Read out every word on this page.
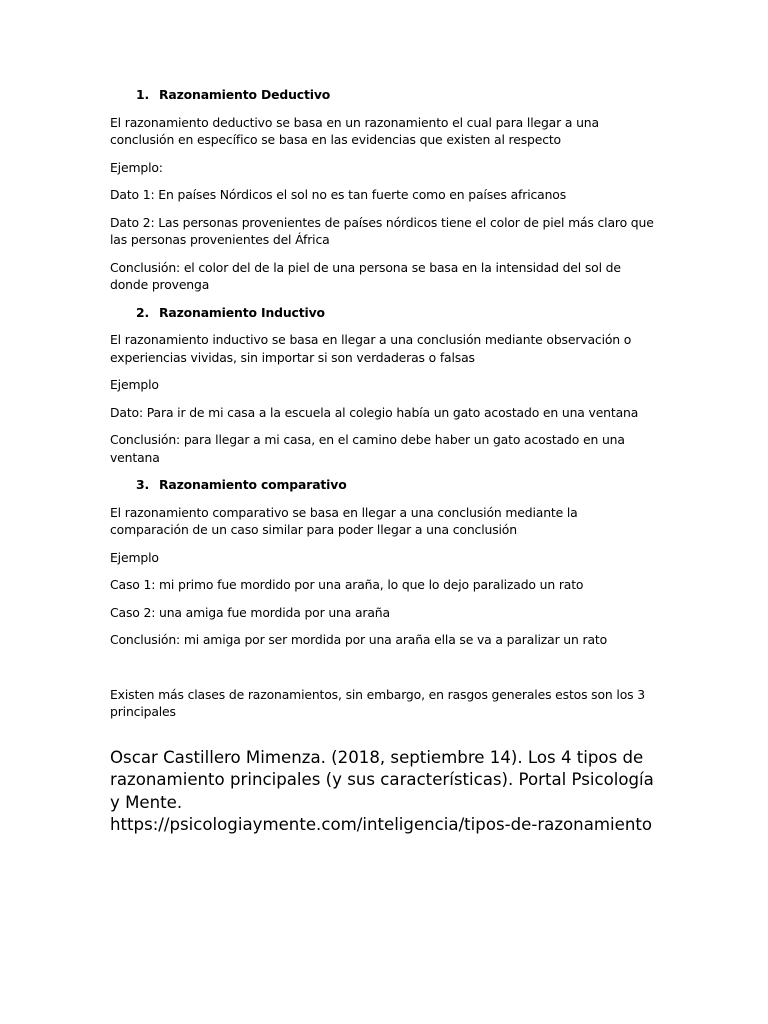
1. Razonamiento Deductivo

El razonamiento deductivo se basa en un razonamiento el cual para llegar a una conclusión en específico se basa en las evidencias que existen al respecto

Ejemplo:

Dato 1: En países Nórdicos el sol no es tan fuerte como en países africanos

Dato 2: Las personas provenientes de países nórdicos tiene el color de piel más claro que las personas provenientes del África

Conclusión: el color del de la piel de una persona se basa en la intensidad del sol de donde provenga

2. Razonamiento Inductivo

El razonamiento inductivo se basa en llegar a una conclusión mediante observación o experiencias vividas, sin importar si son verdaderas o falsas

Ejemplo

Dato: Para ir de mi casa a la escuela al colegio había un gato acostado en una ventana

Conclusión: para llegar a mi casa, en el camino debe haber un gato acostado en una ventana

3. Razonamiento comparativo

El razonamiento comparativo se basa en llegar a una conclusión mediante la comparación de un caso similar para poder llegar a una conclusión

Ejemplo

Caso 1: mi primo fue mordido por una araña, lo que lo dejo paralizado un rato

Caso 2: una amiga fue mordida por una araña

Conclusión: mi amiga por ser mordida por una araña ella se va a paralizar un rato

Existen más clases de razonamientos, sin embargo, en rasgos generales estos son los 3 principales

Oscar Castillero Mimenza. (2018, septiembre 14). Los 4 tipos de razonamiento principales (y sus características). Portal Psicología y Mente.
https://psicologiaymente.com/inteligencia/tipos-de-razonamiento
